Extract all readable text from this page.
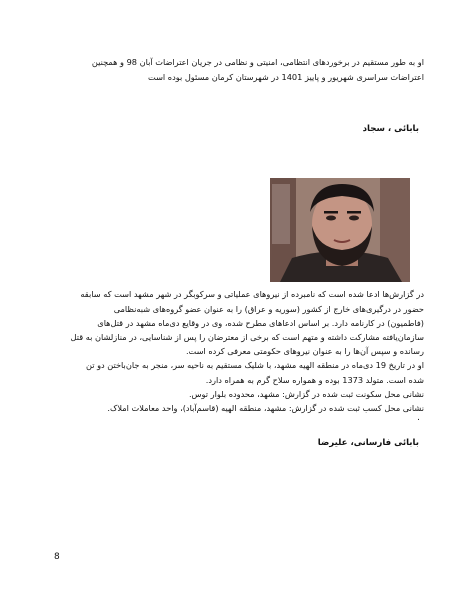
او به طور مستقیم در برخوردهای انتظامی، امنیتی و نظامی در جریان اعتراضات آبان 98 و همچنین
اعتراضات سراسری شهریور و پاییز 1401 در شهرستان کرمان مسئول بوده است
بابائی ، سجاد
در گزارش‌ها ادعا شده است که نامبرده از نیروهای عملیاتی و سرکوبگر در شهر مشهد است که سابقه
حضور در درگیری‌های خارج از کشور (سوریه و عراق) را به عنوان عضو گروه‌های شبه‌نظامی
(فاطمیون) در کارنامه دارد. بر اساس ادعاهای مطرح شده، وی در وقایع دی‌ماه مشهد در قتل‌های
سازمان‌یافته مشارکت داشته و متهم است که برخی از معترضان را پس از شناسایی، در منازلشان به قتل
رسانده و سپس آن‌ها را به عنوان نیروهای حکومتی معرفی کرده است.
او در تاریخ 19 دی‌ماه در منطقه الهیه مشهد، با شلیک مستقیم به ناحیه سر، منجر به جان‌باختن دو تن
شده است. متولد 1373 بوده و همواره سلاح گرم به همراه دارد.
نشانی محل سکونت ثبت شده در گزارش: مشهد، محدوده بلوار توس.
نشانی محل کسب ثبت شده در گزارش: مشهد، منطقه الهیه (قاسم‌آباد)، واحد معاملات املاک.
.
بابائی فارسانی، علیرضا
8
